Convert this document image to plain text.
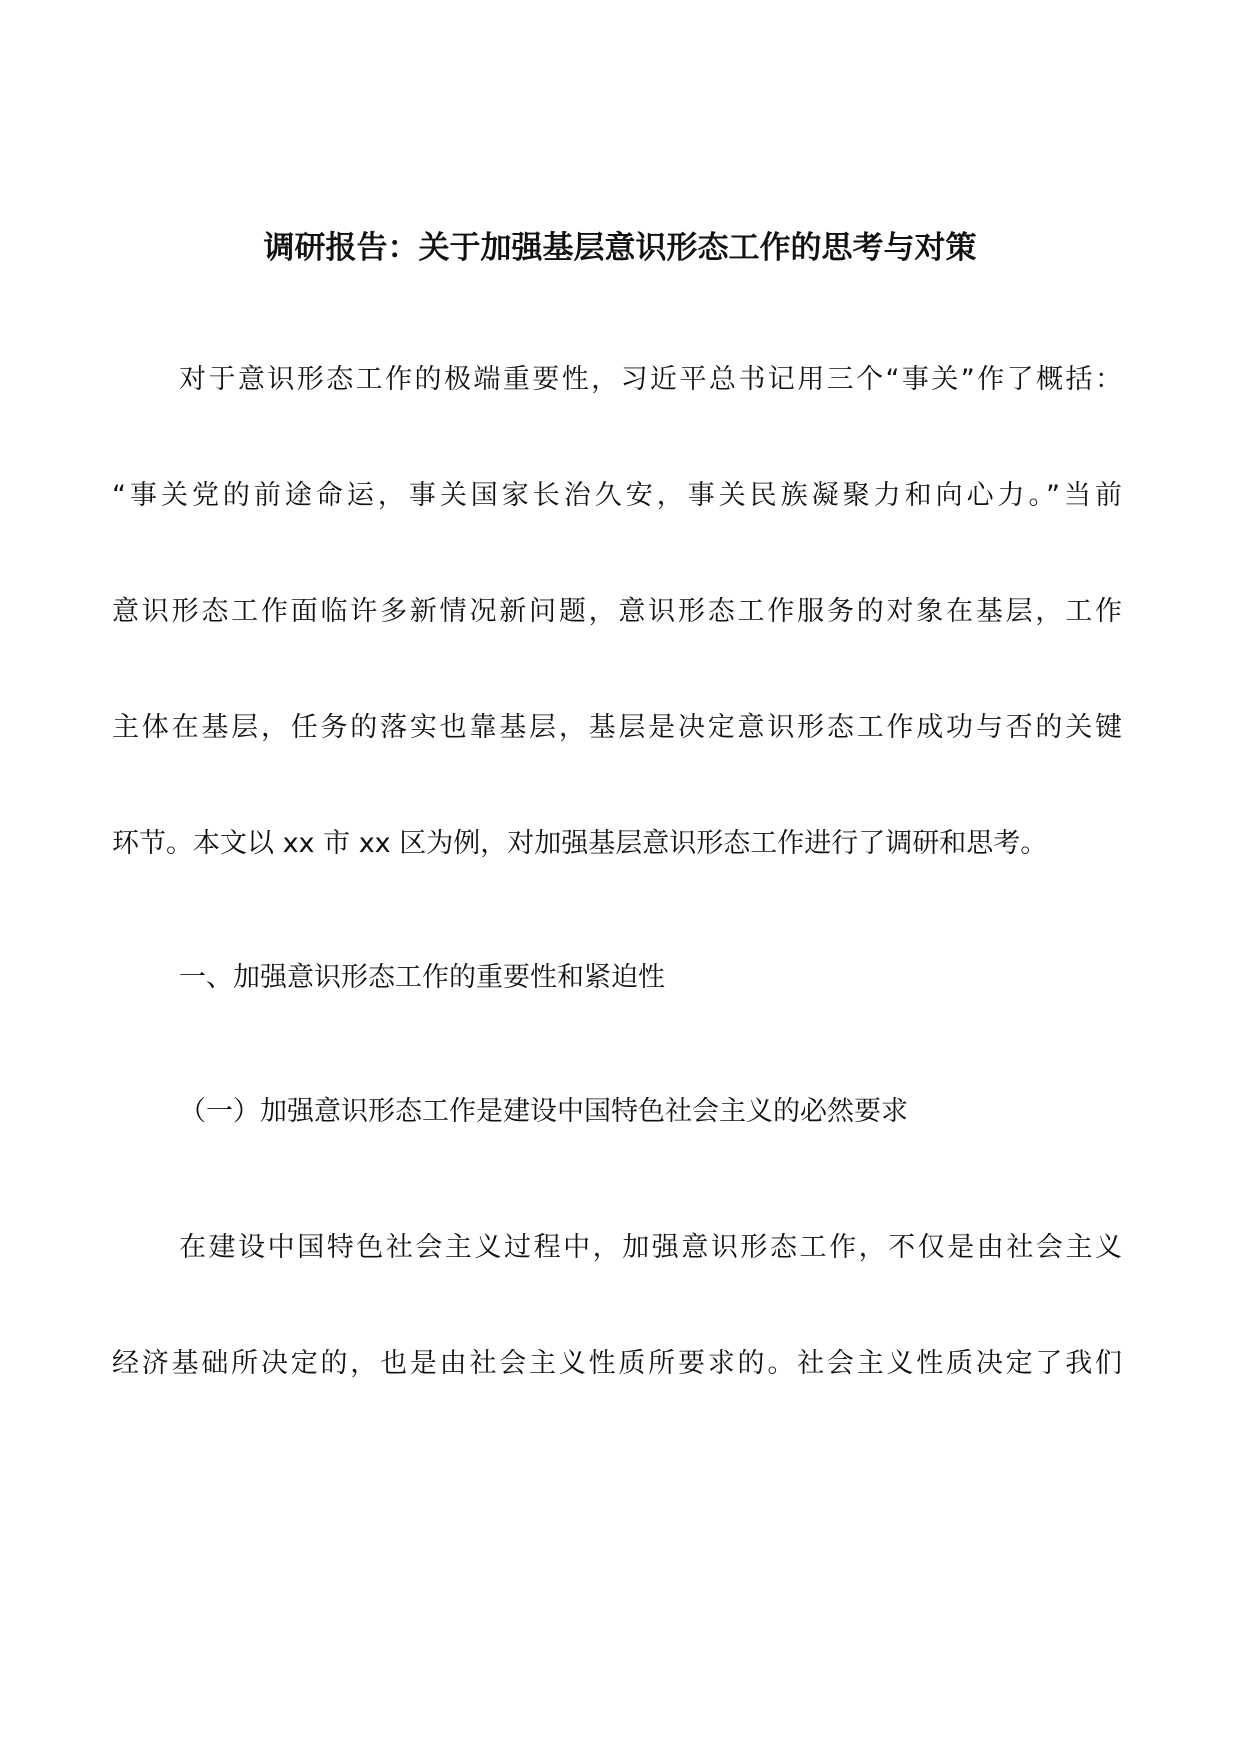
调研报告：关于加强基层意识形态工作的思考与对策
对于意识形态工作的极端重要性，习近平总书记用三个“事关”作了概括：
“事关党的前途命运，事关国家长治久安，事关民族凝聚力和向心力。”当前
意识形态工作面临许多新情况新问题，意识形态工作服务的对象在基层，工作
主体在基层，任务的落实也靠基层，基层是决定意识形态工作成功与否的关键
环节。本文以 xx 市 xx 区为例，对加强基层意识形态工作进行了调研和思考。
一、加强意识形态工作的重要性和紧迫性
（一）加强意识形态工作是建设中国特色社会主义的必然要求
在建设中国特色社会主义过程中，加强意识形态工作，不仅是由社会主义
经济基础所决定的，也是由社会主义性质所要求的。社会主义性质决定了我们
